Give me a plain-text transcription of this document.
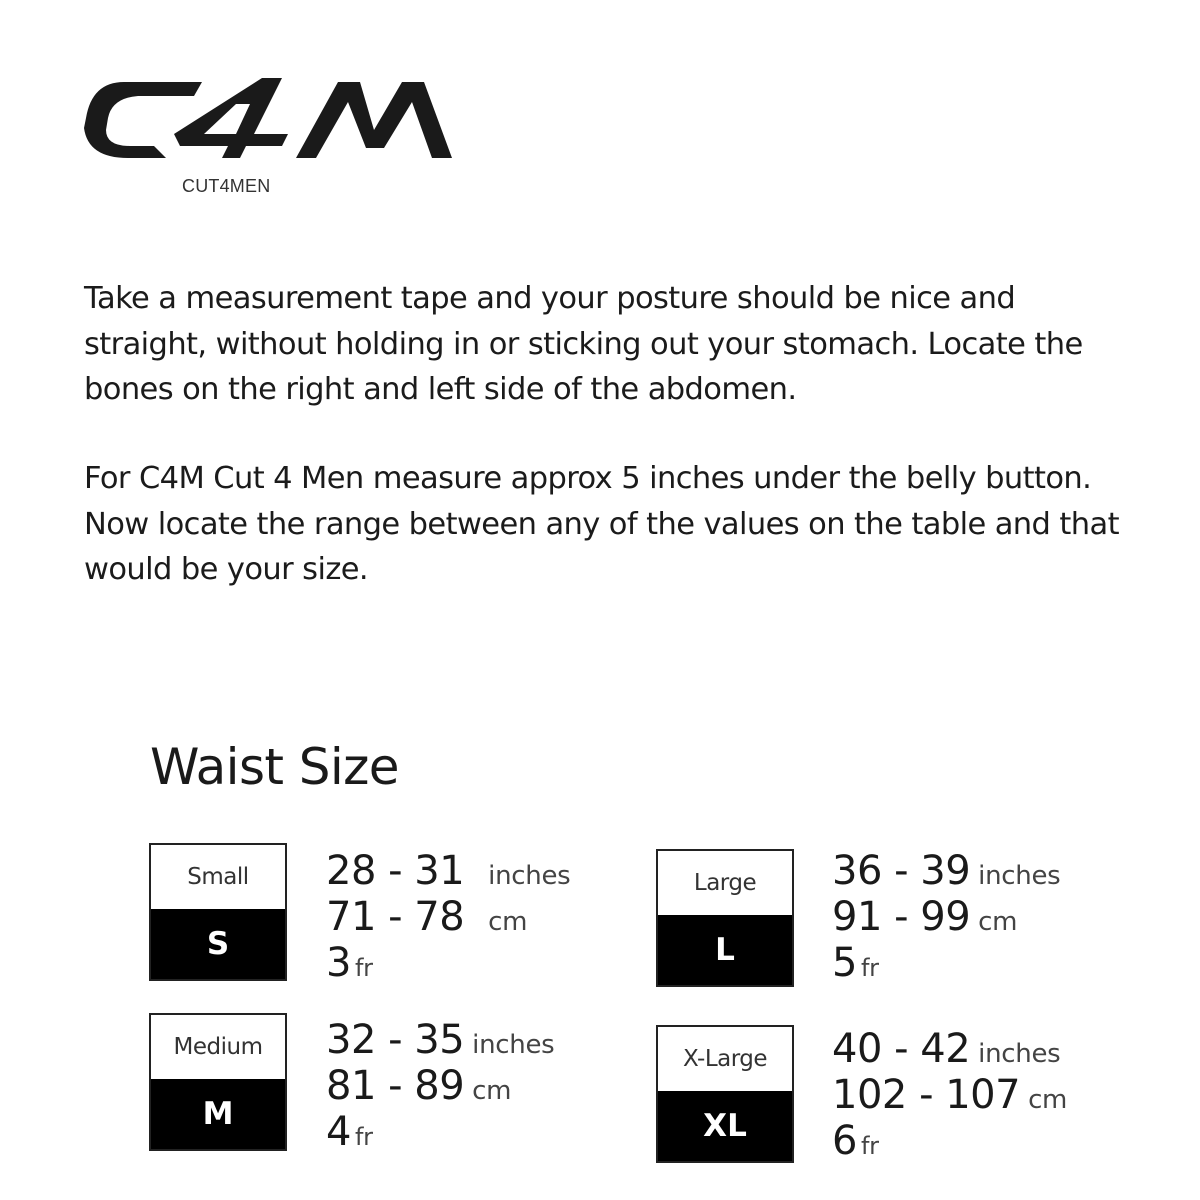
CUT4MEN

Take a measurement tape and your posture should be nice and straight, without holding in or sticking out your stomach. Locate the bones on the right and left side of the abdomen.

For C4M Cut 4 Men measure approx 5 inches under the belly button. Now locate the range between any of the values on the table and that would be your size.

Waist Size
Small
S
28 - 31 inches
71 - 78 cm
3 fr
Medium
M
32 - 35 inches
81 - 89 cm
4 fr
Large
L
36 - 39 inches
91 - 99 cm
5 fr
X-Large
XL
40 - 42 inches
102 - 107 cm
6 fr
